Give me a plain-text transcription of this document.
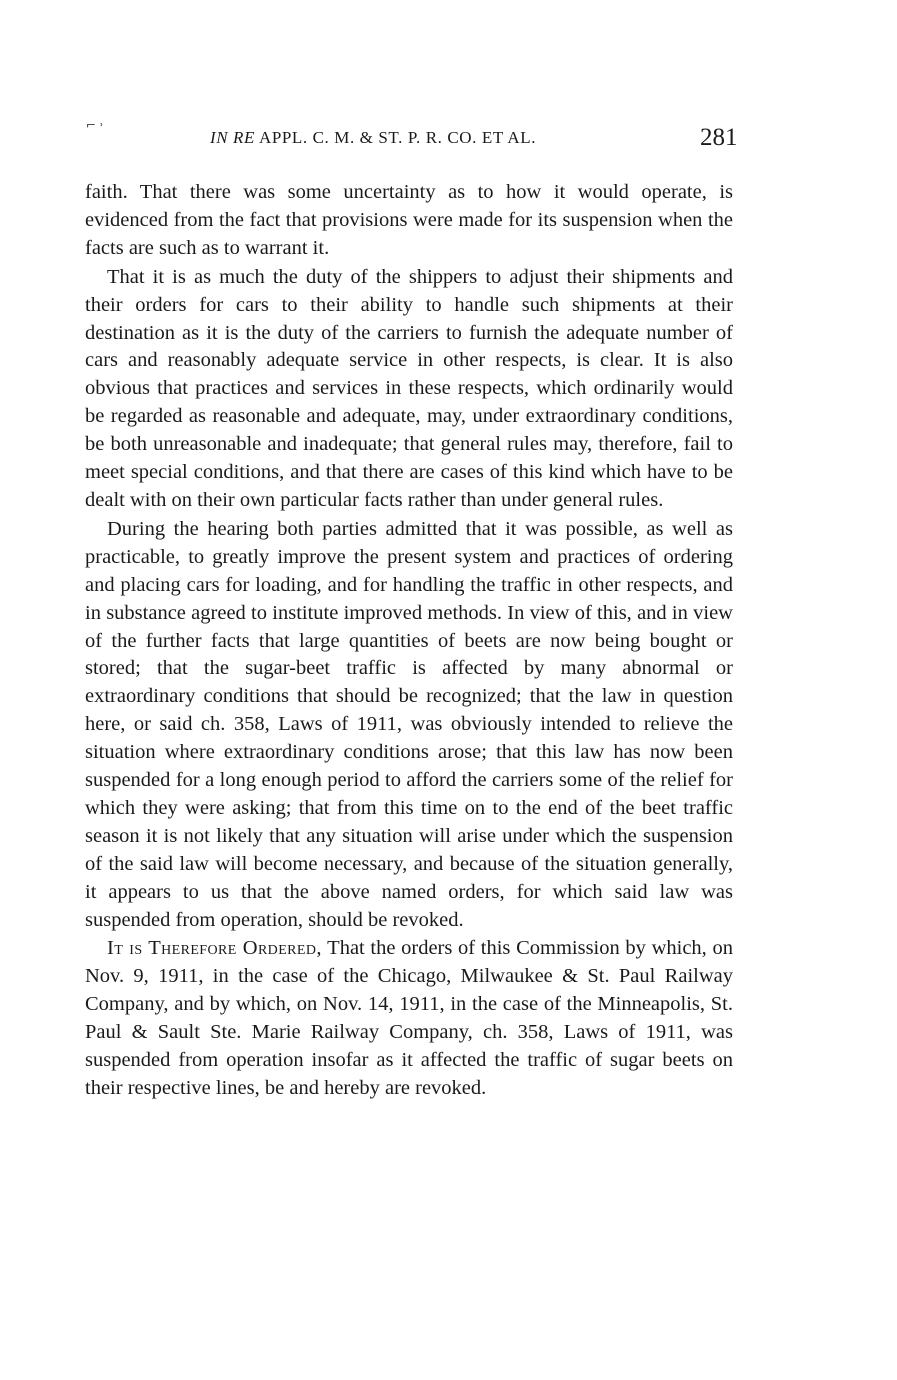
⌐ ˒
IN RE APPL. C. M. & ST. P. R. CO. ET AL.	281

faith. That there was some uncertainty as to how it would operate, is evidenced from the fact that provisions were made for its suspension when the facts are such as to warrant it.

That it is as much the duty of the shippers to adjust their shipments and their orders for cars to their ability to handle such shipments at their destination as it is the duty of the carriers to furnish the adequate number of cars and reasonably adequate service in other respects, is clear. It is also obvious that practices and services in these respects, which ordinarily would be regarded as reasonable and adequate, may, under extraordinary conditions, be both unreasonable and inadequate; that general rules may, therefore, fail to meet special conditions, and that there are cases of this kind which have to be dealt with on their own particular facts rather than under general rules.

During the hearing both parties admitted that it was possible, as well as practicable, to greatly improve the present system and practices of ordering and placing cars for loading, and for handling the traffic in other respects, and in substance agreed to institute improved methods. In view of this, and in view of the further facts that large quantities of beets are now being bought or stored; that the sugar-beet traffic is affected by many abnormal or extraordinary conditions that should be recognized; that the law in question here, or said ch. 358, Laws of 1911, was obviously intended to relieve the situation where extraordinary conditions arose; that this law has now been suspended for a long enough period to afford the carriers some of the relief for which they were asking; that from this time on to the end of the beet traffic season it is not likely that any situation will arise under which the suspension of the said law will become necessary, and because of the situation generally, it appears to us that the above named orders, for which said law was suspended from operation, should be revoked.

It is Therefore Ordered, That the orders of this Commission by which, on Nov. 9, 1911, in the case of the Chicago, Milwaukee & St. Paul Railway Company, and by which, on Nov. 14, 1911, in the case of the Minneapolis, St. Paul & Sault Ste. Marie Railway Company, ch. 358, Laws of 1911, was suspended from operation insofar as it affected the traffic of sugar beets on their respective lines, be and hereby are revoked.
